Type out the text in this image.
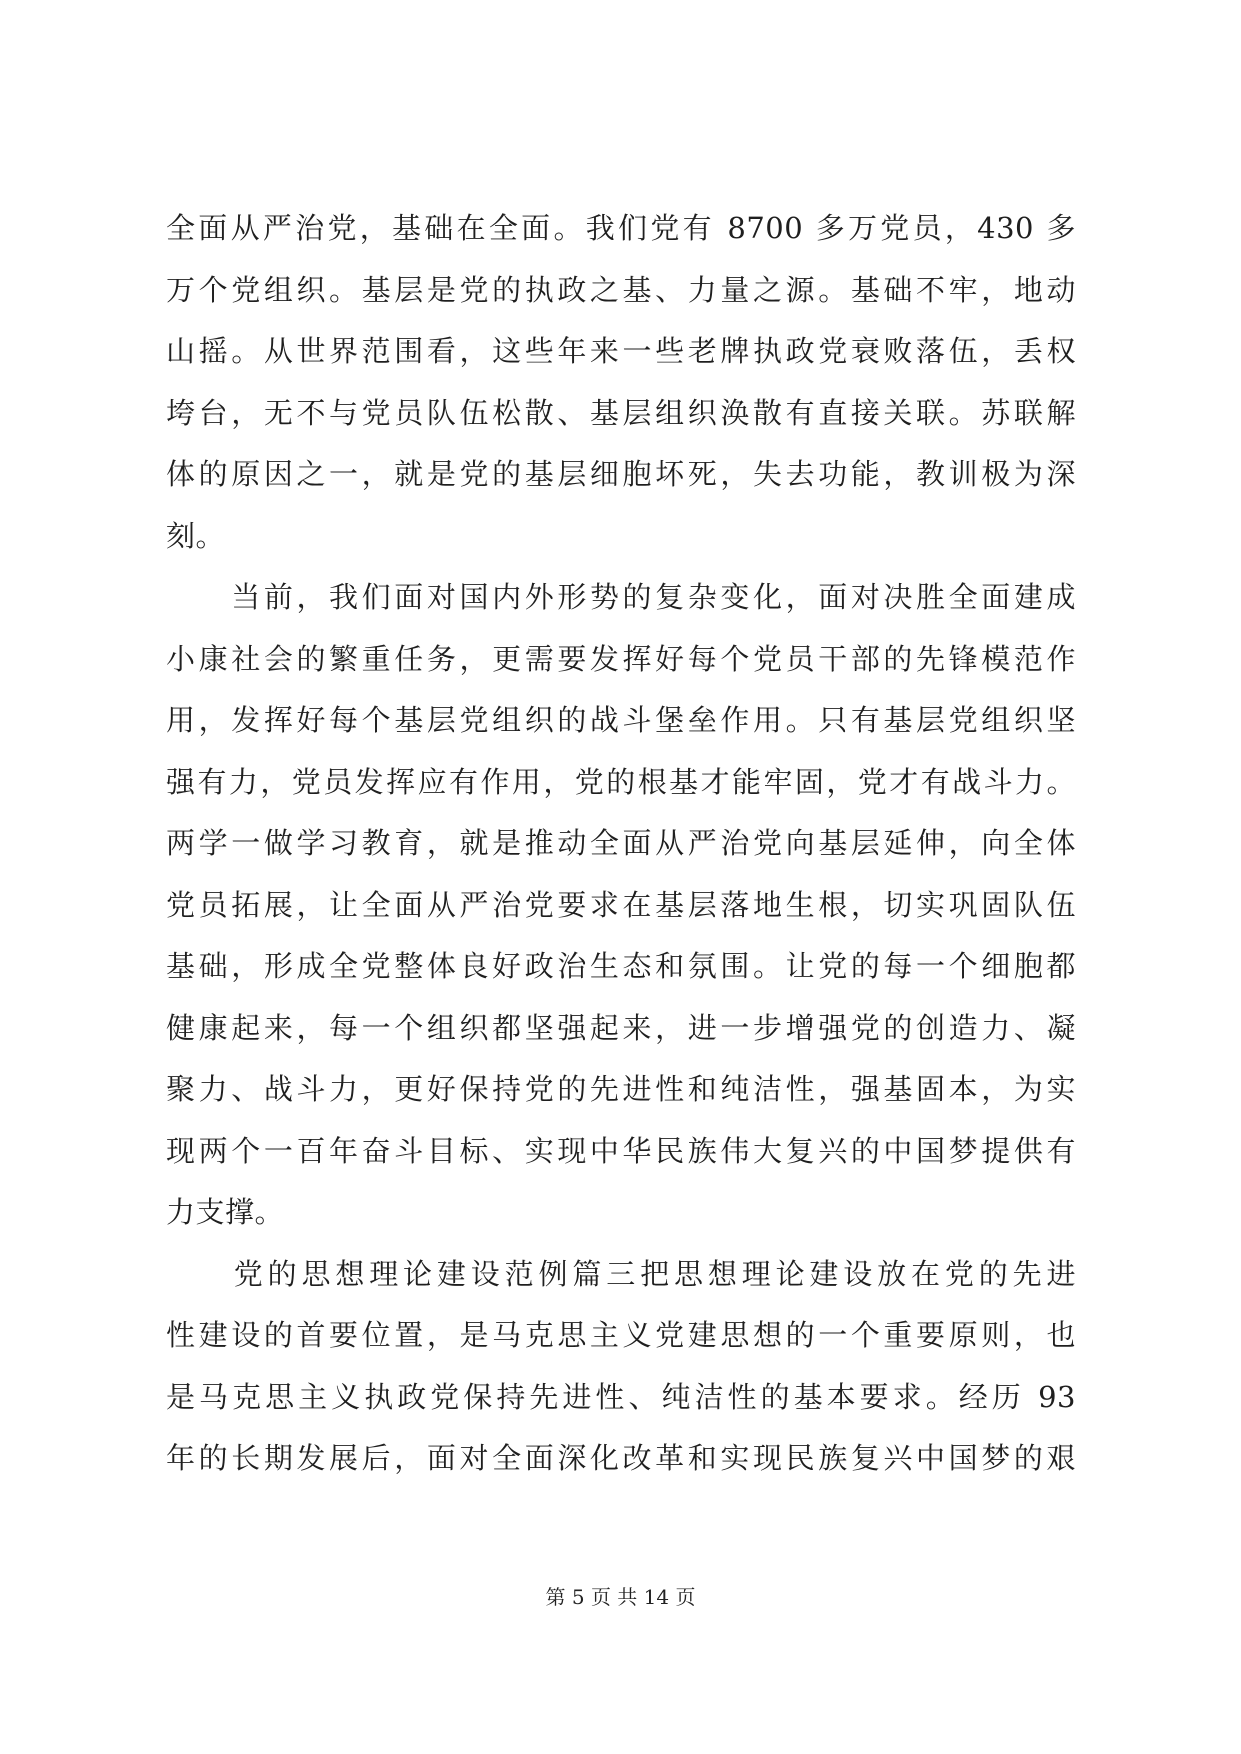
全面从严治党，基础在全面。我们党有 8700 多万党员，430 多
万个党组织。基层是党的执政之基、力量之源。基础不牢，地动
山摇。从世界范围看，这些年来一些老牌执政党衰败落伍，丢权
垮台，无不与党员队伍松散、基层组织涣散有直接关联。苏联解
体的原因之一，就是党的基层细胞坏死，失去功能，教训极为深
刻。
　　当前，我们面对国内外形势的复杂变化，面对决胜全面建成
小康社会的繁重任务，更需要发挥好每个党员干部的先锋模范作
用，发挥好每个基层党组织的战斗堡垒作用。只有基层党组织坚
强有力，党员发挥应有作用，党的根基才能牢固，党才有战斗力。
两学一做学习教育，就是推动全面从严治党向基层延伸，向全体
党员拓展，让全面从严治党要求在基层落地生根，切实巩固队伍
基础，形成全党整体良好政治生态和氛围。让党的每一个细胞都
健康起来，每一个组织都坚强起来，进一步增强党的创造力、凝
聚力、战斗力，更好保持党的先进性和纯洁性，强基固本，为实
现两个一百年奋斗目标、实现中华民族伟大复兴的中国梦提供有
力支撑。
　　党的思想理论建设范例篇三把思想理论建设放在党的先进
性建设的首要位置，是马克思主义党建思想的一个重要原则，也
是马克思主义执政党保持先进性、纯洁性的基本要求。经历 93
年的长期发展后，面对全面深化改革和实现民族复兴中国梦的艰
第 5 页 共 14 页
